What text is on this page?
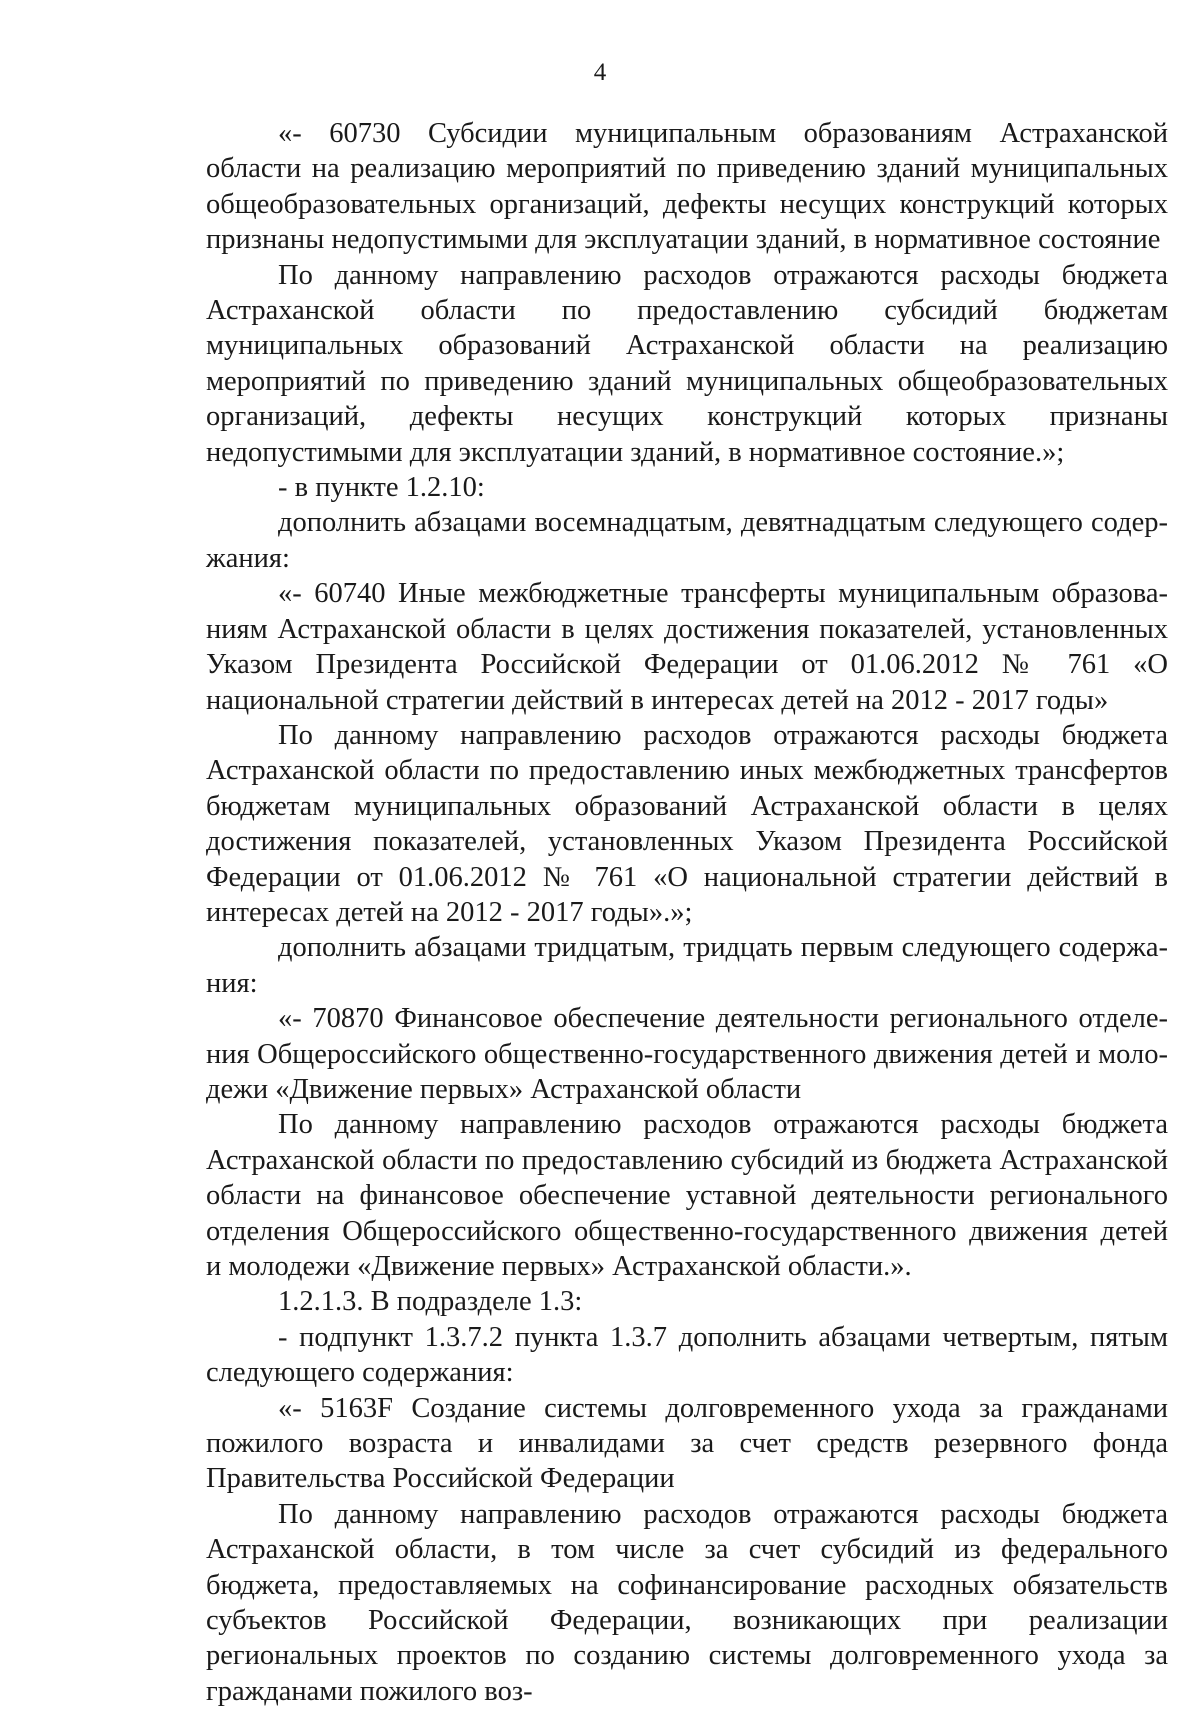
4

«- 60730 Субсидии муниципальным образованиям Астраханской области на реализацию мероприятий по приведению зданий муниципальных общеобразовательных организаций, дефекты несущих конструкций которых признаны недопустимыми для эксплуатации зданий, в нормативное состояние

По данному направлению расходов отражаются расходы бюджета Астраханской области по предоставлению субсидий бюджетам муниципальных образований Астраханской области на реализацию мероприятий по приведению зданий муниципальных общеобразовательных организаций, дефекты несущих конструкций которых признаны недопустимыми для эксплуатации зданий, в нормативное состояние.»;

- в пункте 1.2.10:

дополнить абзацами восемнадцатым, девятнадцатым следующего содержания:

«- 60740 Иные межбюджетные трансферты муниципальным образованиям Астраханской области в целях достижения показателей, установленных Указом Президента Российской Федерации от 01.06.2012 № 761 «О национальной стратегии действий в интересах детей на 2012 - 2017 годы»

По данному направлению расходов отражаются расходы бюджета Астраханской области по предоставлению иных межбюджетных трансфертов бюджетам муниципальных образований Астраханской области в целях достижения показателей, установленных Указом Президента Российской Федерации от 01.06.2012 № 761 «О национальной стратегии действий в интересах детей на 2012 - 2017 годы».»;

дополнить абзацами тридцатым, тридцать первым следующего содержания:

«- 70870 Финансовое обеспечение деятельности регионального отделения Общероссийского общественно-государственного движения детей и молодежи «Движение первых» Астраханской области

По данному направлению расходов отражаются расходы бюджета Астраханской области по предоставлению субсидий из бюджета Астраханской области на финансовое обеспечение уставной деятельности регионального отделения Общероссийского общественно-государственного движения детей и молодежи «Движение первых» Астраханской области.».

1.2.1.3. В подразделе 1.3:

- подпункт 1.3.7.2 пункта 1.3.7 дополнить абзацами четвертым, пятым следующего содержания:

«- 5163F Создание системы долговременного ухода за гражданами пожилого возраста и инвалидами за счет средств резервного фонда Правительства Российской Федерации

По данному направлению расходов отражаются расходы бюджета Астраханской области, в том числе за счет субсидий из федерального бюджета, предоставляемых на софинансирование расходных обязательств субъектов Российской Федерации, возникающих при реализации региональных проектов по созданию системы долговременного ухода за гражданами пожилого воз-
